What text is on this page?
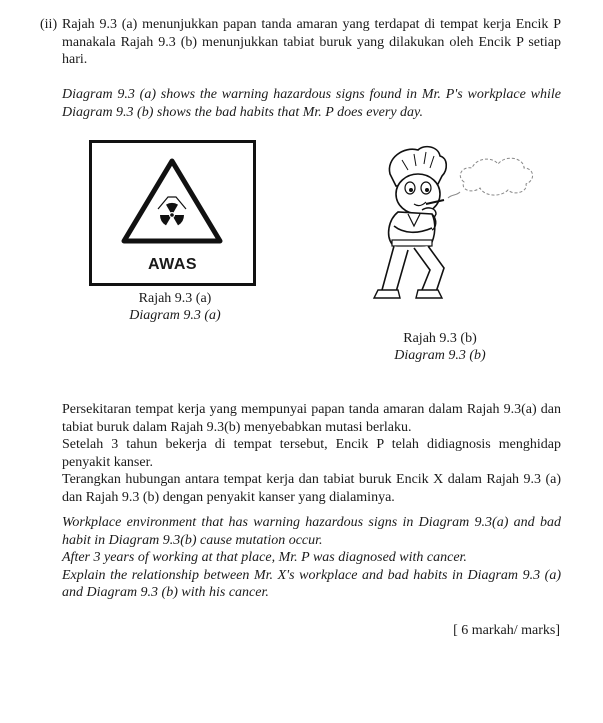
(ii) Rajah 9.3 (a) menunjukkan papan tanda amaran yang terdapat di tempat kerja Encik P manakala Rajah 9.3 (b) menunjukkan tabiat buruk yang dilakukan oleh Encik P setiap hari.
Diagram 9.3 (a) shows the warning hazardous signs found in Mr. P's workplace while Diagram 9.3 (b) shows the bad habits that Mr. P does every day.
AWAS
Rajah 9.3 (a)
Diagram 9.3 (a)
Rajah 9.3 (b)
Diagram 9.3 (b)

Persekitaran tempat kerja yang mempunyai papan tanda amaran dalam Rajah 9.3(a) dan tabiat buruk dalam Rajah 9.3(b) menyebabkan mutasi berlaku.

Setelah 3 tahun bekerja di tempat tersebut, Encik P telah didiagnosis menghidap penyakit kanser.

Terangkan hubungan antara tempat kerja dan tabiat buruk Encik X dalam Rajah 9.3 (a) dan Rajah 9.3 (b) dengan penyakit kanser yang dialaminya.

Workplace environment that has warning hazardous signs in Diagram 9.3(a) and bad habit in Diagram 9.3(b) cause mutation occur.

After 3 years of working at that place, Mr. P was diagnosed with cancer.

Explain the relationship between Mr. X's workplace and bad habits in Diagram 9.3 (a) and Diagram 9.3 (b) with his cancer.

[ 6 markah/ marks]
